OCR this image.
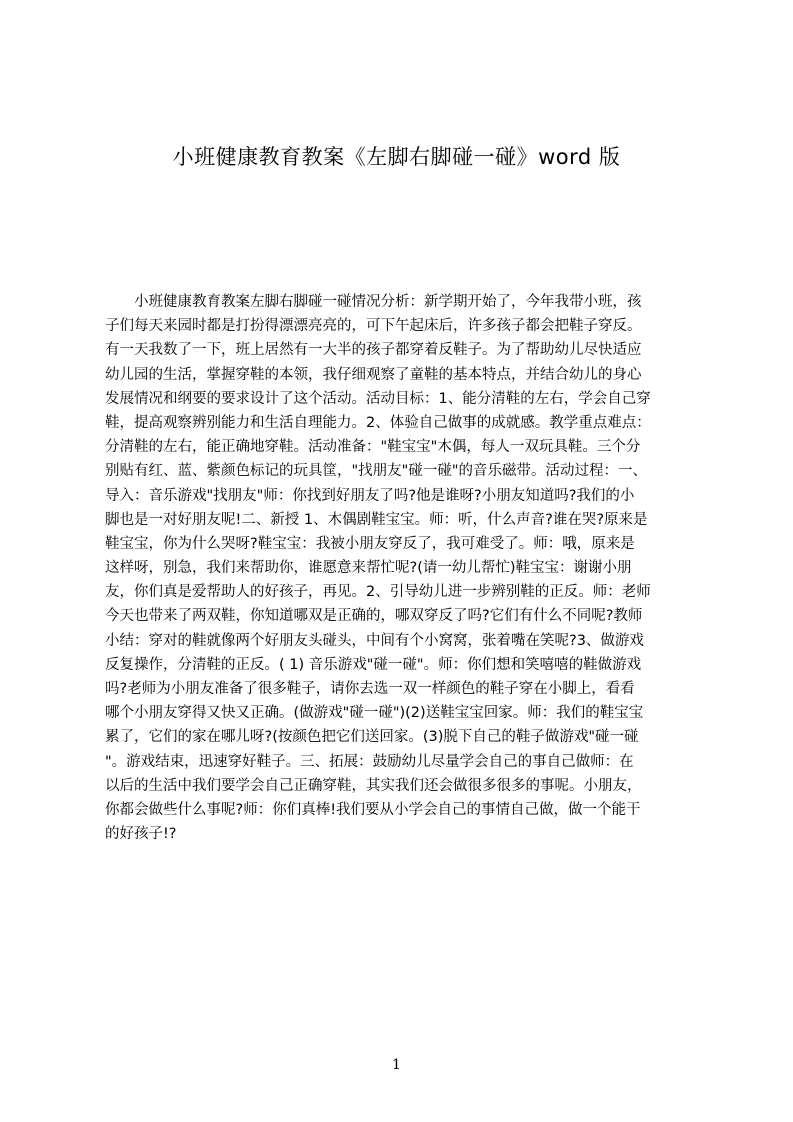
小班健康教育教案《左脚右脚碰一碰》word 版
　　小班健康教育教案左脚右脚碰一碰情况分析：新学期开始了，今年我带小班，孩
子们每天来园时都是打扮得漂漂亮亮的，可下午起床后，许多孩子都会把鞋子穿反。
有一天我数了一下，班上居然有一大半的孩子都穿着反鞋子。为了帮助幼儿尽快适应
幼儿园的生活，掌握穿鞋的本领，我仔细观察了童鞋的基本特点，并结合幼儿的身心
发展情况和纲要的要求设计了这个活动。活动目标：1、能分清鞋的左右，学会自己穿
鞋，提高观察辨别能力和生活自理能力。2、体验自己做事的成就感。教学重点难点：
分清鞋的左右，能正确地穿鞋。活动准备："鞋宝宝"木偶，每人一双玩具鞋。三个分
别贴有红、蓝、紫颜色标记的玩具筐，"找朋友"碰一碰"的音乐磁带。活动过程：一、
导入：音乐游戏"找朋友"师：你找到好朋友了吗?他是谁呀?小朋友知道吗?我们的小
脚也是一对好朋友呢!二、新授 1、木偶剧鞋宝宝。师：听，什么声音?谁在哭?原来是
鞋宝宝，你为什么哭呀?鞋宝宝：我被小朋友穿反了，我可难受了。师：哦，原来是
这样呀，别急，我们来帮助你，谁愿意来帮忙呢?(请一幼儿帮忙)鞋宝宝：谢谢小朋
友，你们真是爱帮助人的好孩子，再见。2、引导幼儿进一步辨别鞋的正反。师：老师
今天也带来了两双鞋，你知道哪双是正确的，哪双穿反了吗?它们有什么不同呢?教师
小结：穿对的鞋就像两个好朋友头碰头，中间有个小窝窝，张着嘴在笑呢?3、做游戏
反复操作，分清鞋的正反。( 1) 音乐游戏"碰一碰"。师：你们想和笑嘻嘻的鞋做游戏
吗?老师为小朋友准备了很多鞋子，请你去选一双一样颜色的鞋子穿在小脚上，看看
哪个小朋友穿得又快又正确。(做游戏"碰一碰")(2)送鞋宝宝回家。师：我们的鞋宝宝
累了，它们的家在哪儿呀?(按颜色把它们送回家。(3)脱下自己的鞋子做游戏"碰一碰
"。游戏结束，迅速穿好鞋子。三、拓展：鼓励幼儿尽量学会自己的事自己做师：在
以后的生活中我们要学会自己正确穿鞋，其实我们还会做很多很多的事呢。小朋友，
你都会做些什么事呢?师：你们真棒!我们要从小学会自己的事情自己做，做一个能干
的好孩子!?
1
